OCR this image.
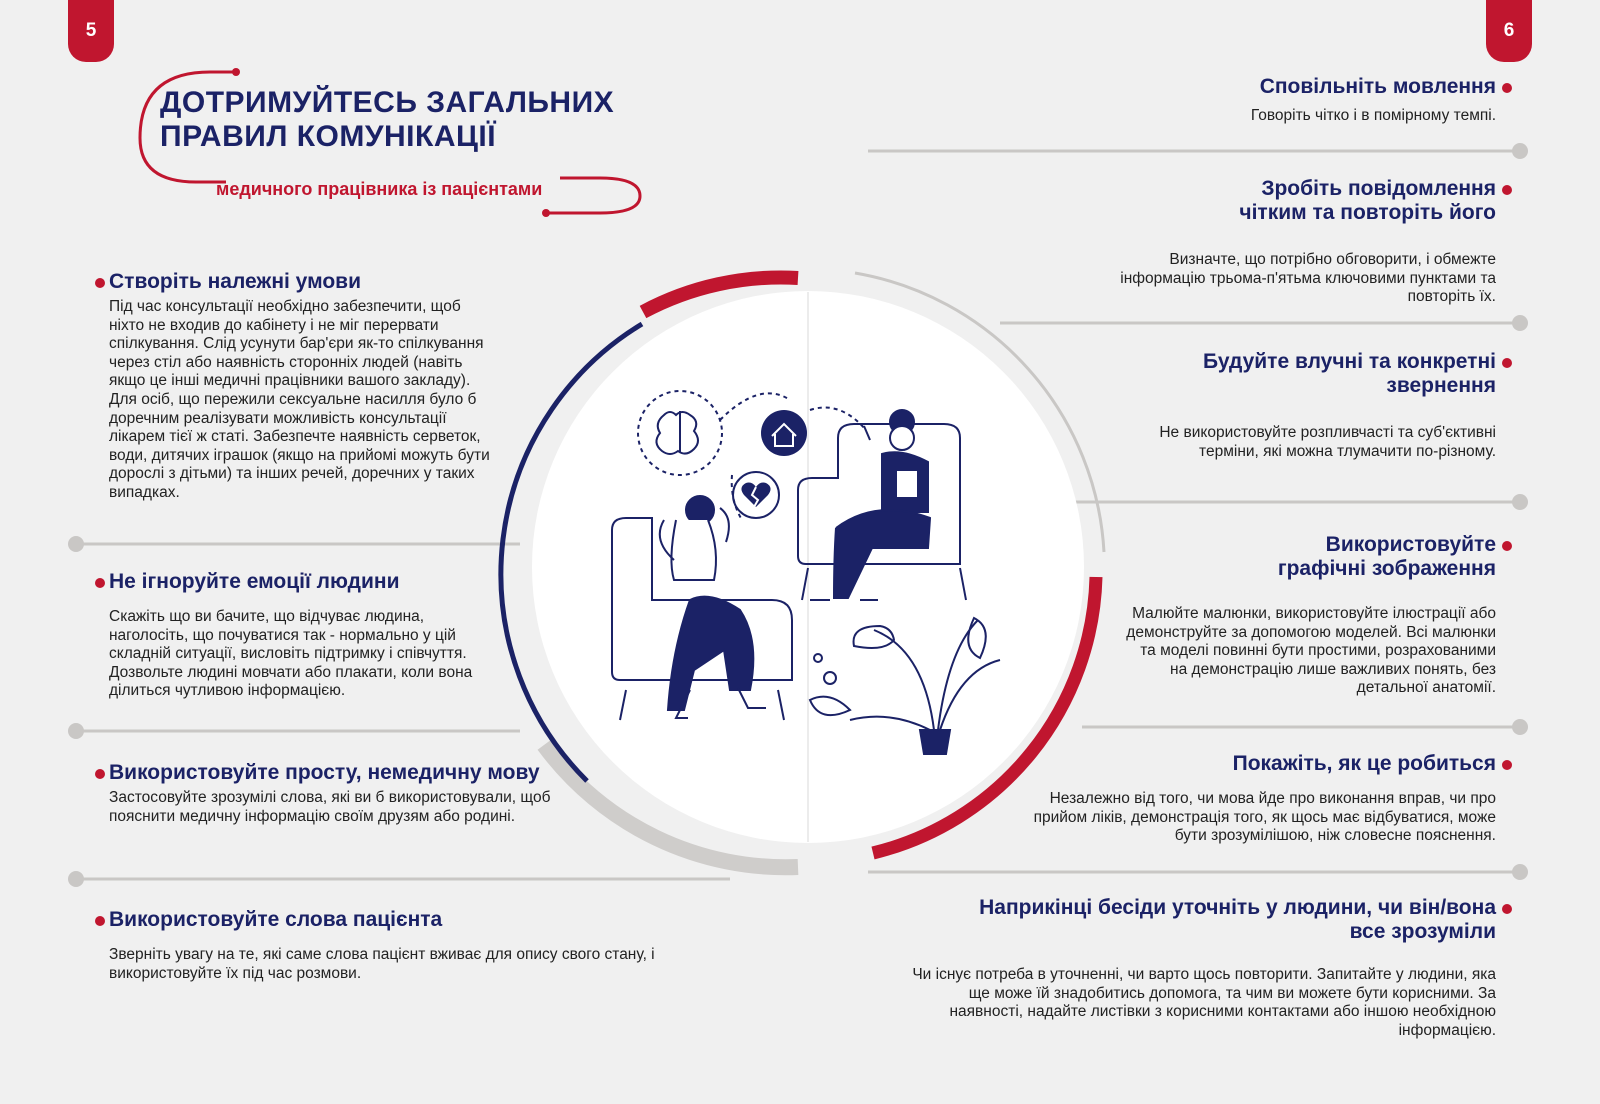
5	6
ДОТРИМУЙТЕСЬ ЗАГАЛЬНИХ ПРАВИЛ КОМУНІКАЦІЇ
медичного працівника із пацієнтами
Створіть належні умови

Під час консультації необхідно забезпечити, щоб ніхто не входив до кабінету і не міг перервати спілкування. Слід усунути бар'єри як-то спілкування через стіл або наявність сторонніх людей (навіть якщо це інші медичні працівники вашого закладу). Для осіб, що пережили сексуальне насилля було б доречним реалізувати можливість консультації лікарем тієї ж статі. Забезпечте наявність серветок, води, дитячих іграшок (якщо на прийомі можуть бути дорослі з дітьми) та інших речей, доречних у таких випадках.

Не ігноруйте емоції людини

Скажіть що ви бачите, що відчуває людина, наголосіть, що почуватися так - нормально у цій складній ситуації, висловіть підтримку і співчуття. Дозвольте людині мовчати або плакати, коли вона ділиться чутливою інформацією.

Використовуйте просту, немедичну мову

Застосовуйте зрозумілі слова, які ви б використовували, щоб пояснити медичну інформацію своїм друзям або родині.

Використовуйте слова пацієнта

Зверніть увагу на те, які саме слова пацієнт вживає для опису свого стану, і використовуйте їх під час розмови.

Сповільніть мовлення

Говоріть чітко і в помірному темпі.

Зробіть повідомлення чітким та повторіть його

Визначте, що потрібно обговорити, і обмежте інформацію трьома-п'ятьма ключовими пунктами та повторіть їх.

Будуйте влучні та конкретні звернення

Не використовуйте розпливчасті та суб'єктивні терміни, які можна тлумачити по-різному.

Використовуйте графічні зображення

Малюйте малюнки, використовуйте ілюстрації або демонструйте за допомогою моделей. Всі малюнки та моделі повинні бути простими, розрахованими на демонстрацію лише важливих понять, без детальної анатомії.

Покажіть, як це робиться

Незалежно від того, чи мова йде про виконання вправ, чи про прийом ліків, демонстрація того, як щось має відбуватися, може бути зрозумілішою, ніж словесне пояснення.

Наприкінці бесіди уточніть у людини, чи він/вона все зрозуміли

Чи існує потреба в уточненні, чи варто щось повторити. Запитайте у людини, яка ще може їй знадобитись допомога, та чим ви можете бути корисними. За наявності, надайте листівки з корисними контактами або іншою необхідною інформацією.
